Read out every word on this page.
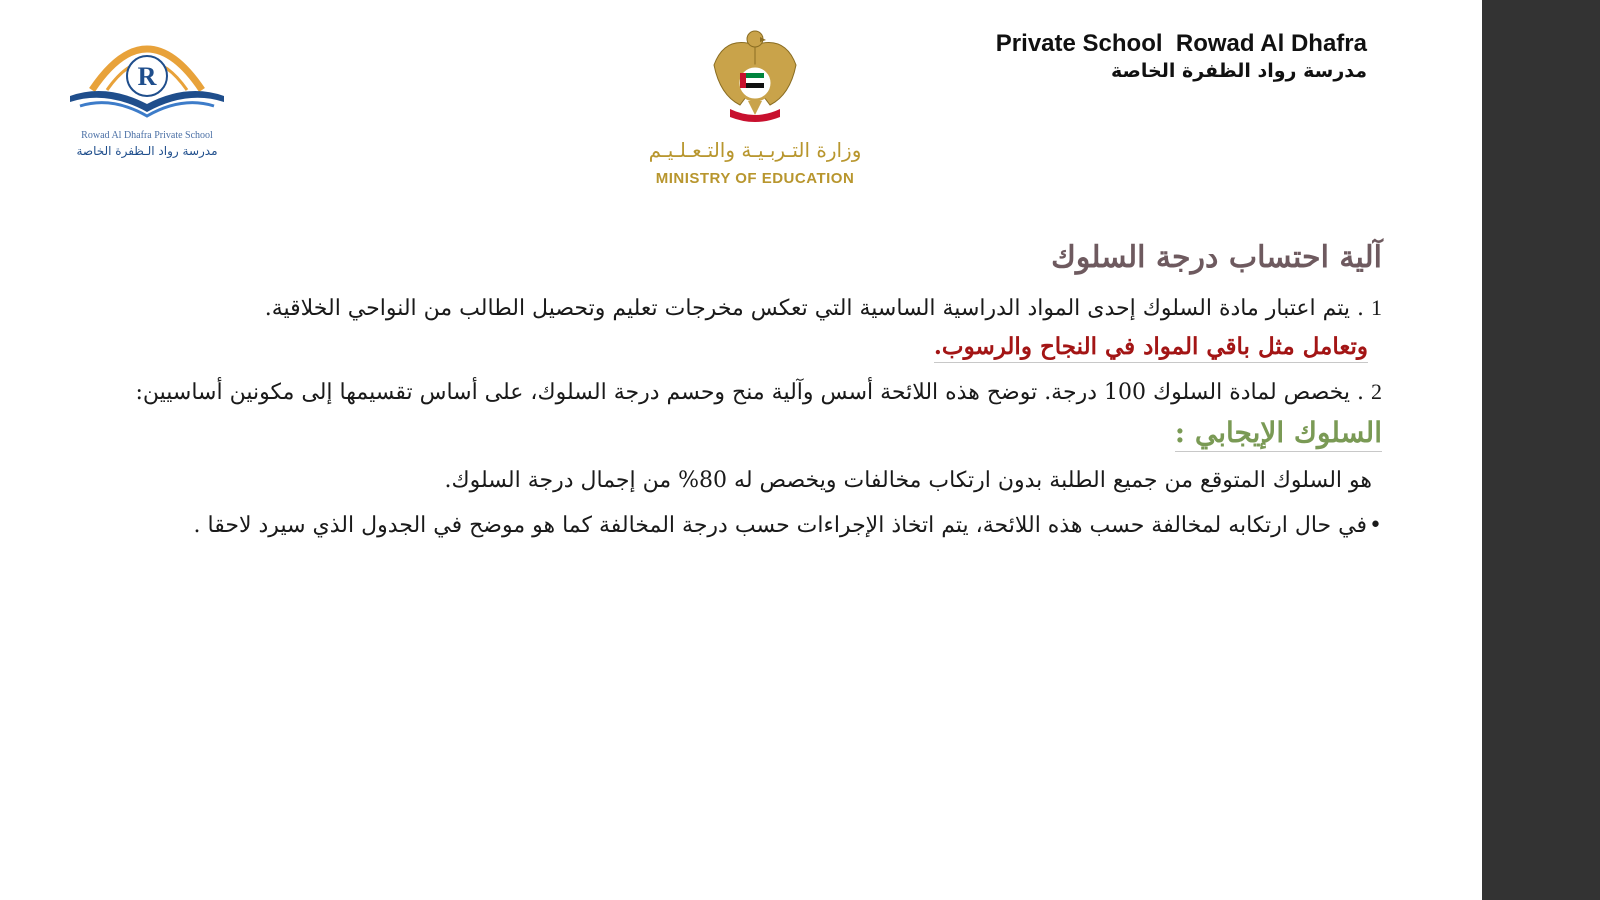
R
Rowad Al Dhafra Private School
مدرسة رواد الـظفرة الخاصة	وزارة التـربـيـة والتـعـلـيـم
MINISTRY OF EDUCATION
Private School  Rowad Al Dhafra
مدرسة رواد الظفرة الخاصة
آلية احتساب درجة السلوك

1 . يتم اعتبار مادة السلوك إحدى المواد الدراسية الساسية التي تعكس مخرجات تعليم وتحصيل الطالب من النواحي الخلاقية.

وتعامل مثل باقي المواد في النجاح والرسوب.

2 . يخصص لمادة السلوك 100 درجة. توضح هذه اللائحة أسس وآلية منح وحسم درجة السلوك، على أساس تقسيمها إلى مكونين أساسيين:

السلوك الإيجابي :

هو السلوك المتوقع من جميع الطلبة بدون ارتكاب مخالفات ويخصص له 80% من إجمال درجة السلوك.

•في حال ارتكابه لمخالفة حسب هذه اللائحة، يتم اتخاذ الإجراءات حسب درجة المخالفة كما هو موضح في الجدول الذي سيرد لاحقا .
